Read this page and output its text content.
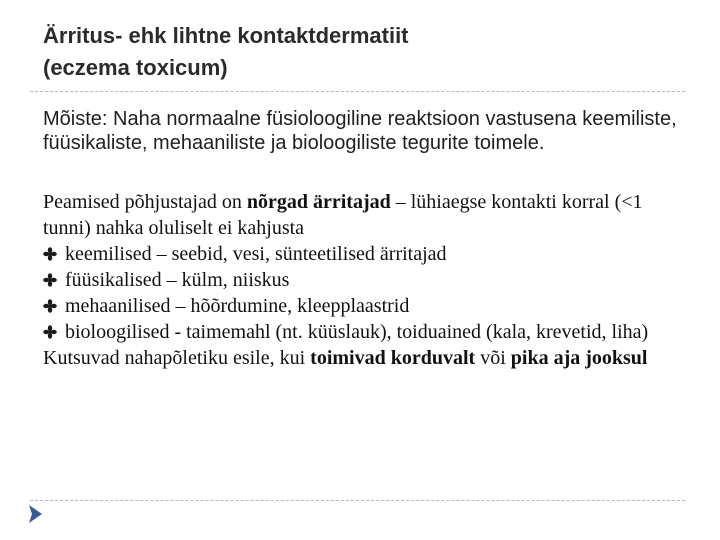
Ärritus- ehk lihtne kontaktdermatiit
(eczema toxicum)

Mõiste: Naha normaalne füsioloogiline reaktsioon vastusena keemiliste, füüsikaliste, mehaaniliste ja bioloogiliste tegurite toimele.

Peamised põhjustajad on nõrgad ärritajad – lühiaegse kontakti korral (<1 tunni) nahka oluliselt ei kahjusta

keemilised – seebid, vesi, sünteetilised ärritajad
füüsikalised – külm, niiskus
mehaanilised – hõõrdumine, kleepplaastrid
bioloogilised - taimemahl (nt. küüslauk), toiduained (kala, krevetid, liha)

Kutsuvad nahapõletiku esile, kui toimivad korduvalt või pika aja jooksul
